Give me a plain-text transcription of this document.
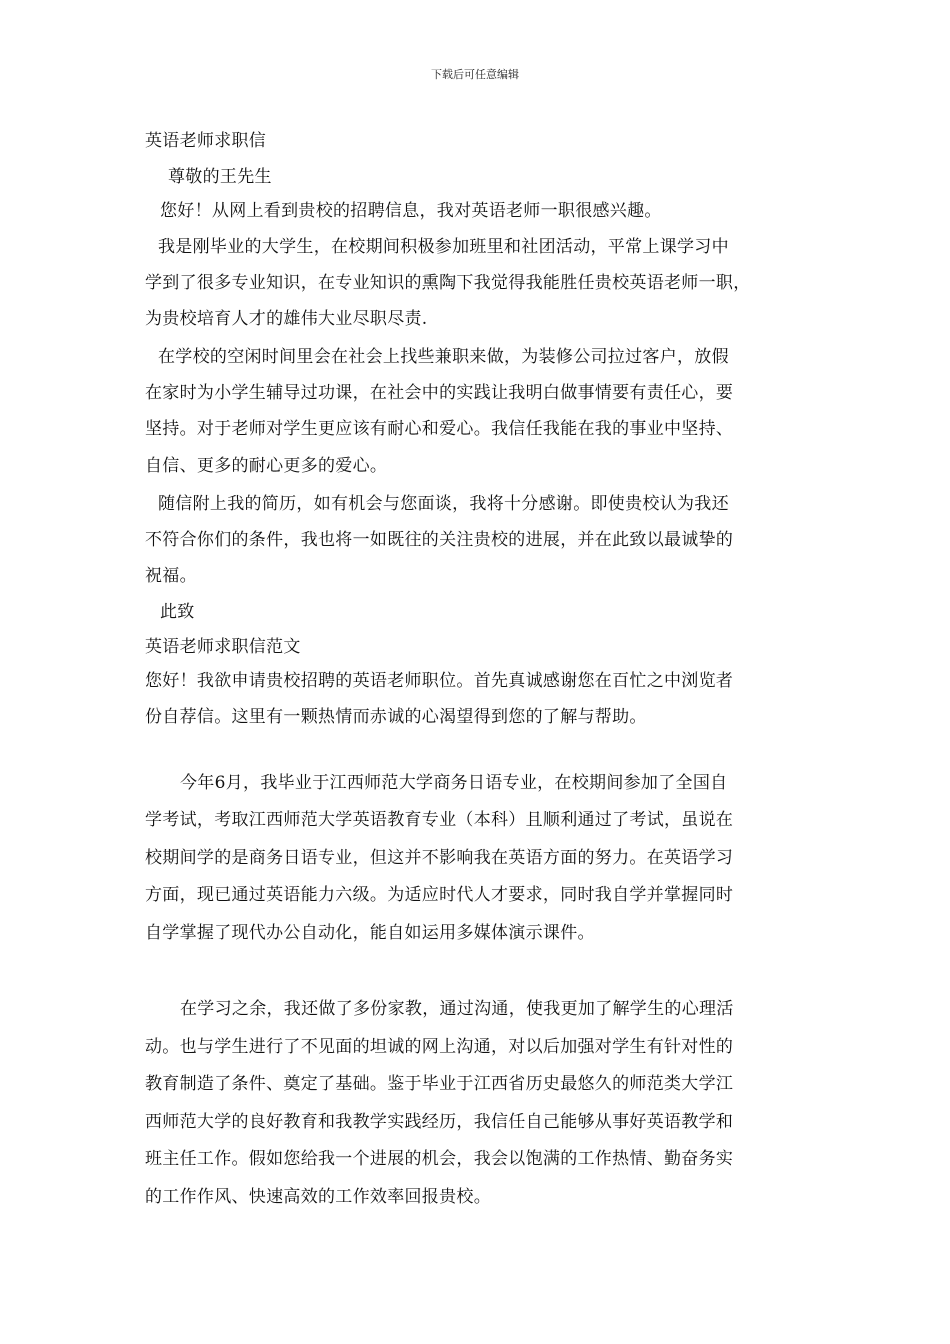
下载后可任意编辑
英语老师求职信
尊敬的王先生
您好！从网上看到贵校的招聘信息，我对英语老师一职很感兴趣。
我是刚毕业的大学生，在校期间积极参加班里和社团活动，平常上课学习中
学到了很多专业知识，在专业知识的熏陶下我觉得我能胜任贵校英语老师一职，
为贵校培育人才的雄伟大业尽职尽责.
在学校的空闲时间里会在社会上找些兼职来做，为装修公司拉过客户，放假
在家时为小学生辅导过功课，在社会中的实践让我明白做事情要有责任心，要
坚持。对于老师对学生更应该有耐心和爱心。我信任我能在我的事业中坚持、
自信、更多的耐心更多的爱心。
随信附上我的简历，如有机会与您面谈，我将十分感谢。即使贵校认为我还
不符合你们的条件，我也将一如既往的关注贵校的进展，并在此致以最诚挚的
祝福。
此致
英语老师求职信范文
您好！我欲申请贵校招聘的英语老师职位。首先真诚感谢您在百忙之中浏览者
份自荐信。这里有一颗热情而赤诚的心渴望得到您的了解与帮助。
今年6月，我毕业于江西师范大学商务日语专业，在校期间参加了全国自
学考试，考取江西师范大学英语教育专业（本科）且顺利通过了考试，虽说在
校期间学的是商务日语专业，但这并不影响我在英语方面的努力。在英语学习
方面，现已通过英语能力六级。为适应时代人才要求，同时我自学并掌握同时
自学掌握了现代办公自动化，能自如运用多媒体演示课件。
在学习之余，我还做了多份家教，通过沟通，使我更加了解学生的心理活
动。也与学生进行了不见面的坦诚的网上沟通，对以后加强对学生有针对性的
教育制造了条件、奠定了基础。鉴于毕业于江西省历史最悠久的师范类大学江
西师范大学的良好教育和我教学实践经历，我信任自己能够从事好英语教学和
班主任工作。假如您给我一个进展的机会，我会以饱满的工作热情、勤奋务实
的工作作风、快速高效的工作效率回报贵校。
